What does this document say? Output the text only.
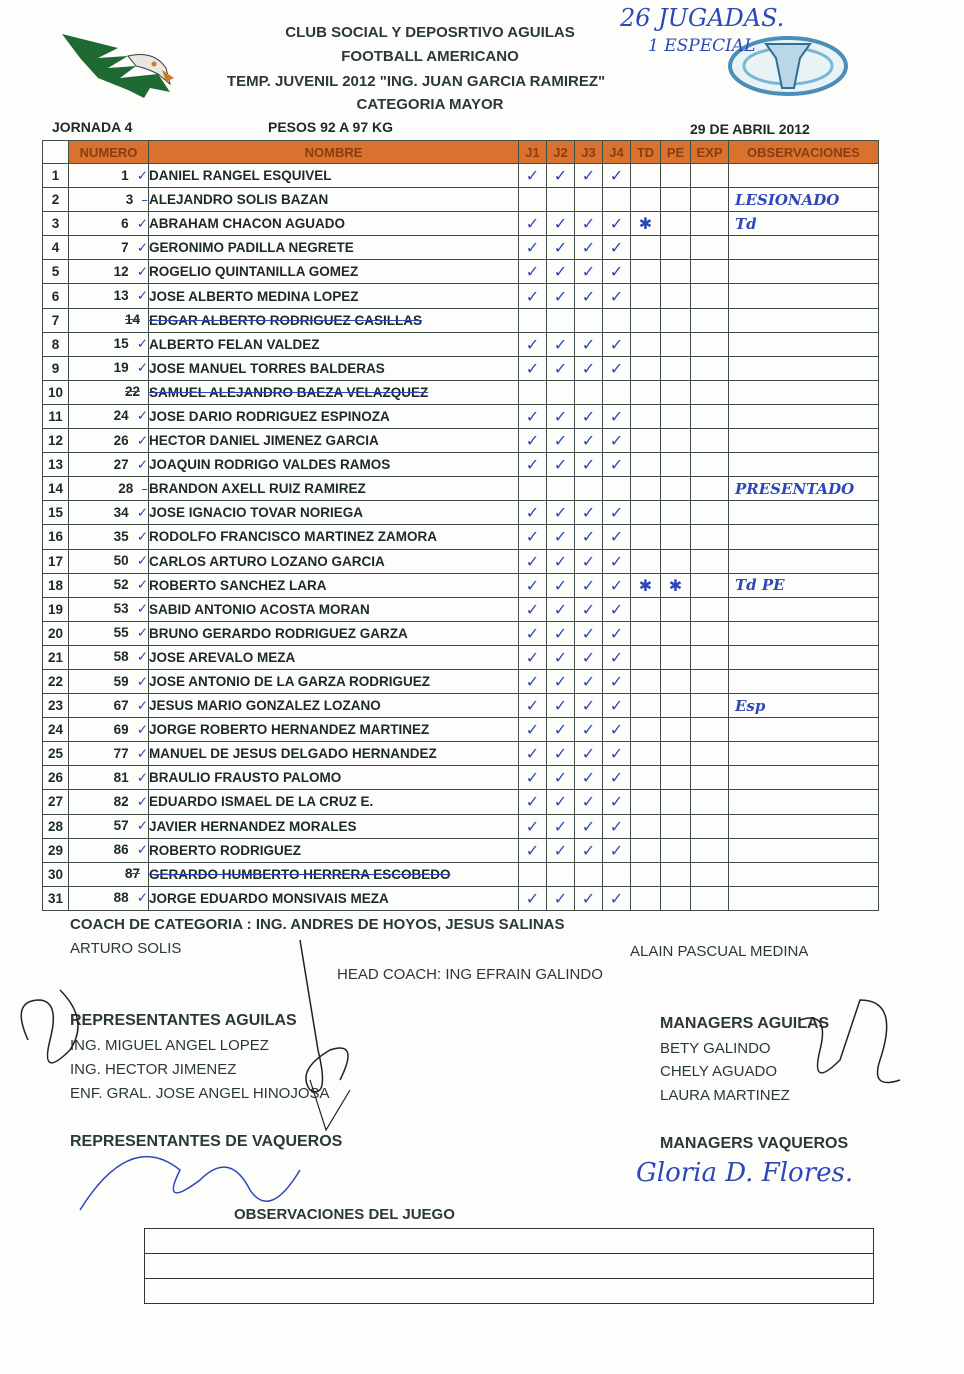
CLUB SOCIAL Y DEPOSRTIVO AGUILAS
FOOTBALL AMERICANO
TEMP. JUVENIL 2012 "ING. JUAN GARCIA RAMIREZ"
CATEGORIA MAYOR
JORNADA 4	PESOS 92 A 97 KG	29 DE ABRIL 2012
26 JUGADAS.
1 ESPECIAL
	NUMERO	NOMBRE	J1	J2	J3	J4	TD	PE	EXP	OBSERVACIONES
1	1 ✓	DANIEL RANGEL ESQUIVEL	✓	✓	✓	✓				
2	3 –	ALEJANDRO SOLIS BAZAN								LESIONADO
3	6 ✓	ABRAHAM CHACON AGUADO	✓	✓	✓	✓	✱			Td
4	7 ✓	GERONIMO PADILLA NEGRETE	✓	✓	✓	✓				
5	12 ✓	ROGELIO QUINTANILLA GOMEZ	✓	✓	✓	✓				
6	13 ✓	JOSE ALBERTO MEDINA LOPEZ	✓	✓	✓	✓				
7	14	EDGAR ALBERTO RODRIGUEZ CASILLAS								
8	15 ✓	ALBERTO FELAN VALDEZ	✓	✓	✓	✓				
9	19 ✓	JOSE MANUEL TORRES BALDERAS	✓	✓	✓	✓				
10	22	SAMUEL ALEJANDRO BAEZA VELAZQUEZ								
11	24 ✓	JOSE DARIO RODRIGUEZ ESPINOZA	✓	✓	✓	✓				
12	26 ✓	HECTOR DANIEL JIMENEZ GARCIA	✓	✓	✓	✓				
13	27 ✓	JOAQUIN RODRIGO VALDES RAMOS	✓	✓	✓	✓				
14	28 –	BRANDON AXELL RUIZ RAMIREZ								PRESENTADO
15	34 ✓	JOSE IGNACIO TOVAR NORIEGA	✓	✓	✓	✓				
16	35 ✓	RODOLFO FRANCISCO MARTINEZ ZAMORA	✓	✓	✓	✓				
17	50 ✓	CARLOS ARTURO LOZANO GARCIA	✓	✓	✓	✓				
18	52 ✓	ROBERTO SANCHEZ LARA	✓	✓	✓	✓	✱	✱		Td PE
19	53 ✓	SABID ANTONIO ACOSTA MORAN	✓	✓	✓	✓				
20	55 ✓	BRUNO GERARDO RODRIGUEZ GARZA	✓	✓	✓	✓				
21	58 ✓	JOSE AREVALO MEZA	✓	✓	✓	✓				
22	59 ✓	JOSE ANTONIO DE LA GARZA RODRIGUEZ	✓	✓	✓	✓				
23	67 ✓	JESUS MARIO GONZALEZ LOZANO	✓	✓	✓	✓				Esp
24	69 ✓	JORGE ROBERTO HERNANDEZ MARTINEZ	✓	✓	✓	✓				
25	77 ✓	MANUEL DE JESUS DELGADO HERNANDEZ	✓	✓	✓	✓				
26	81 ✓	BRAULIO FRAUSTO PALOMO	✓	✓	✓	✓				
27	82 ✓	EDUARDO ISMAEL DE LA CRUZ E.	✓	✓	✓	✓				
28	57 ✓	JAVIER HERNANDEZ MORALES	✓	✓	✓	✓				
29	86 ✓	ROBERTO RODRIGUEZ	✓	✓	✓	✓				
30	87	GERARDO HUMBERTO HERRERA ESCOBEDO								
31	88 ✓	JORGE EDUARDO MONSIVAIS MEZA	✓	✓	✓	✓				
COACH DE CATEGORIA : ING. ANDRES DE HOYOS, JESUS SALINAS
ARTURO SOLIS	ALAIN PASCUAL MEDINA
HEAD COACH: ING EFRAIN GALINDO
REPRESENTANTES AGUILAS
ING. MIGUEL ANGEL LOPEZ
ING. HECTOR JIMENEZ
ENF. GRAL. JOSE ANGEL HINOJOSA
MANAGERS AGUILAS
BETY GALINDO
CHELY AGUADO
LAURA MARTINEZ
REPRESENTANTES DE VAQUEROS	MANAGERS VAQUEROS
Gloria D. Flores.
OBSERVACIONES DEL JUEGO
